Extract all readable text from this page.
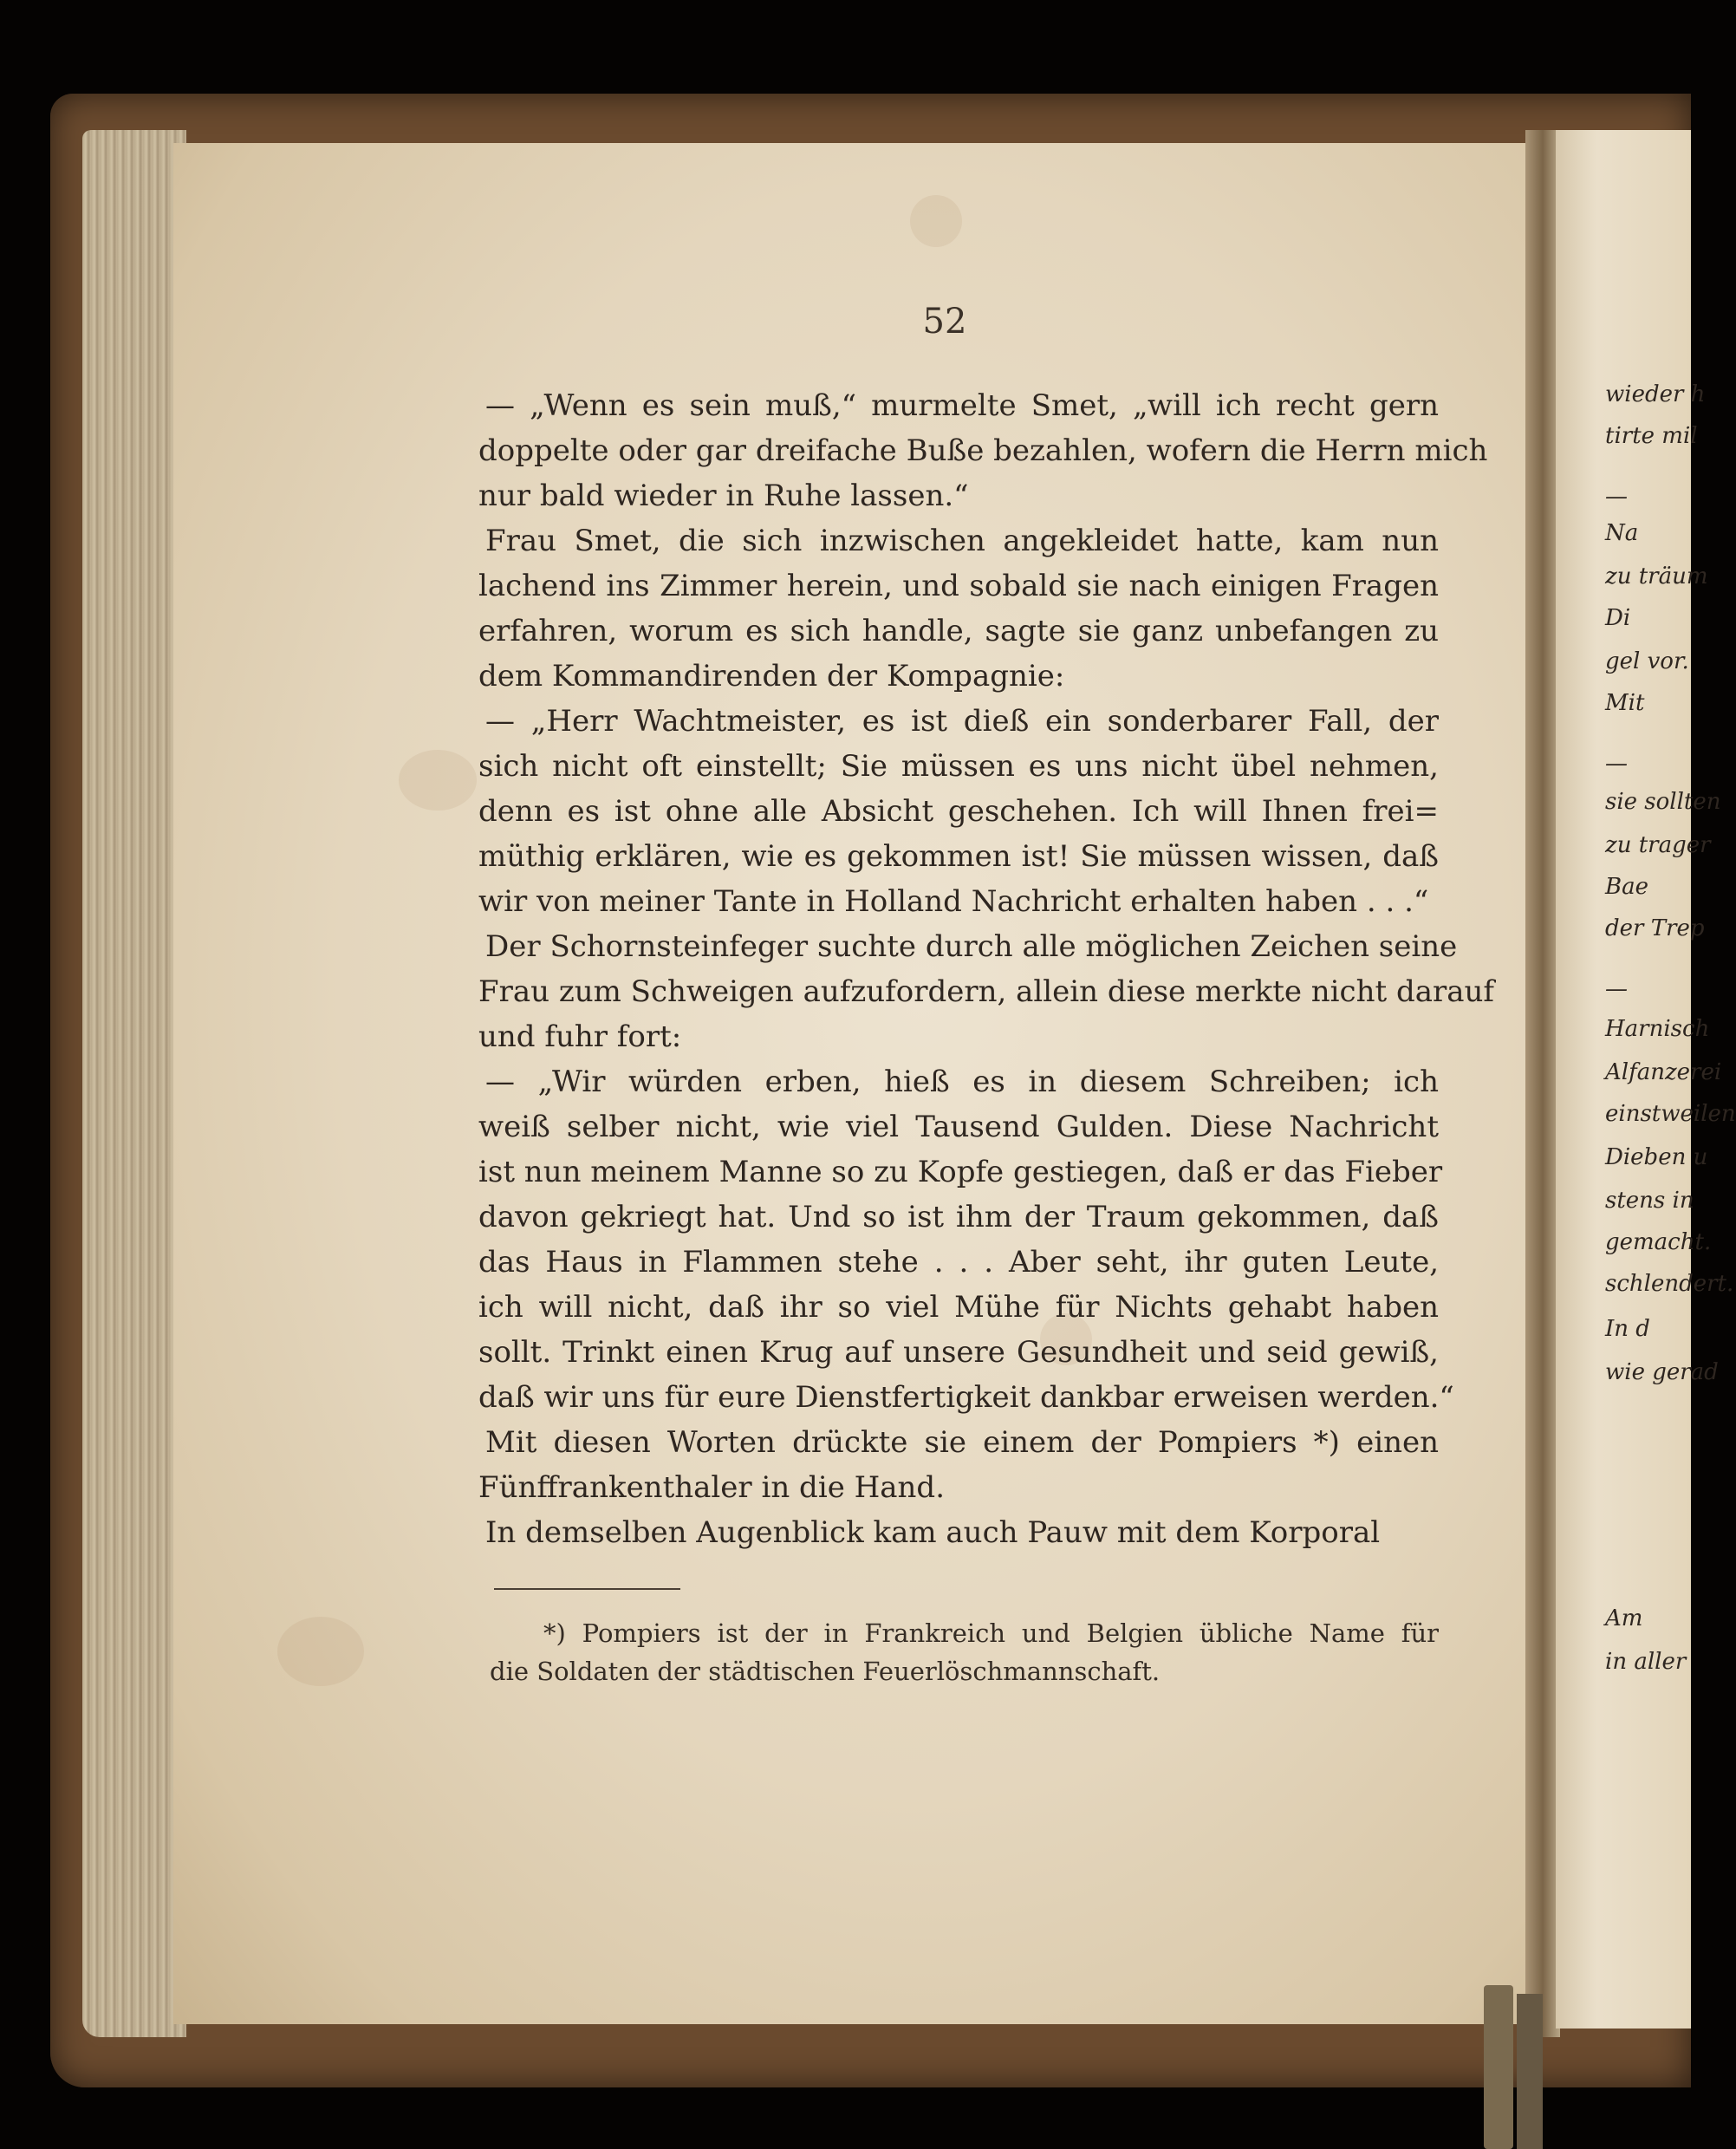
52
— „Wenn es sein muß,“ murmelte Smet, „will ich recht gern
doppelte oder gar dreifache Buße bezahlen, wofern die Herrn mich
nur bald wieder in Ruhe lassen.“
Frau Smet, die sich inzwischen angekleidet hatte, kam nun
lachend ins Zimmer herein, und sobald sie nach einigen Fragen
erfahren, worum es sich handle, sagte sie ganz unbefangen zu
dem Kommandirenden der Kompagnie:
— „Herr Wachtmeister, es ist dieß ein sonderbarer Fall, der
sich nicht oft einstellt; Sie müssen es uns nicht übel nehmen,
denn es ist ohne alle Absicht geschehen. Ich will Ihnen frei=
müthig erklären, wie es gekommen ist! Sie müssen wissen, daß
wir von meiner Tante in Holland Nachricht erhalten haben . . .“
Der Schornsteinfeger suchte durch alle möglichen Zeichen seine
Frau zum Schweigen aufzufordern, allein diese merkte nicht darauf
und fuhr fort:
— „Wir würden erben, hieß es in diesem Schreiben; ich
weiß selber nicht, wie viel Tausend Gulden. Diese Nachricht
ist nun meinem Manne so zu Kopfe gestiegen, daß er das Fieber
davon gekriegt hat. Und so ist ihm der Traum gekommen, daß
das Haus in Flammen stehe . . . Aber seht, ihr guten Leute,
ich will nicht, daß ihr so viel Mühe für Nichts gehabt haben
sollt. Trinkt einen Krug auf unsere Gesundheit und seid gewiß,
daß wir uns für eure Dienstfertigkeit dankbar erweisen werden.“
Mit diesen Worten drückte sie einem der Pompiers *) einen
Fünffrankenthaler in die Hand.
In demselben Augenblick kam auch Pauw mit dem Korporal
*) Pompiers ist der in Frankreich und Belgien übliche Name für
die Soldaten der städtischen Feuerlöschmannschaft.
wieder h
tirte mil
—
Na
zu träum
Di
gel vor.
Mit
—
sie sollten
zu trager
Bae
der Trep
—
Harnisch
Alfanzerei
einstweilen
Dieben u
stens in
gemacht.
schlendert.
In d
wie gerad
Am
in aller
